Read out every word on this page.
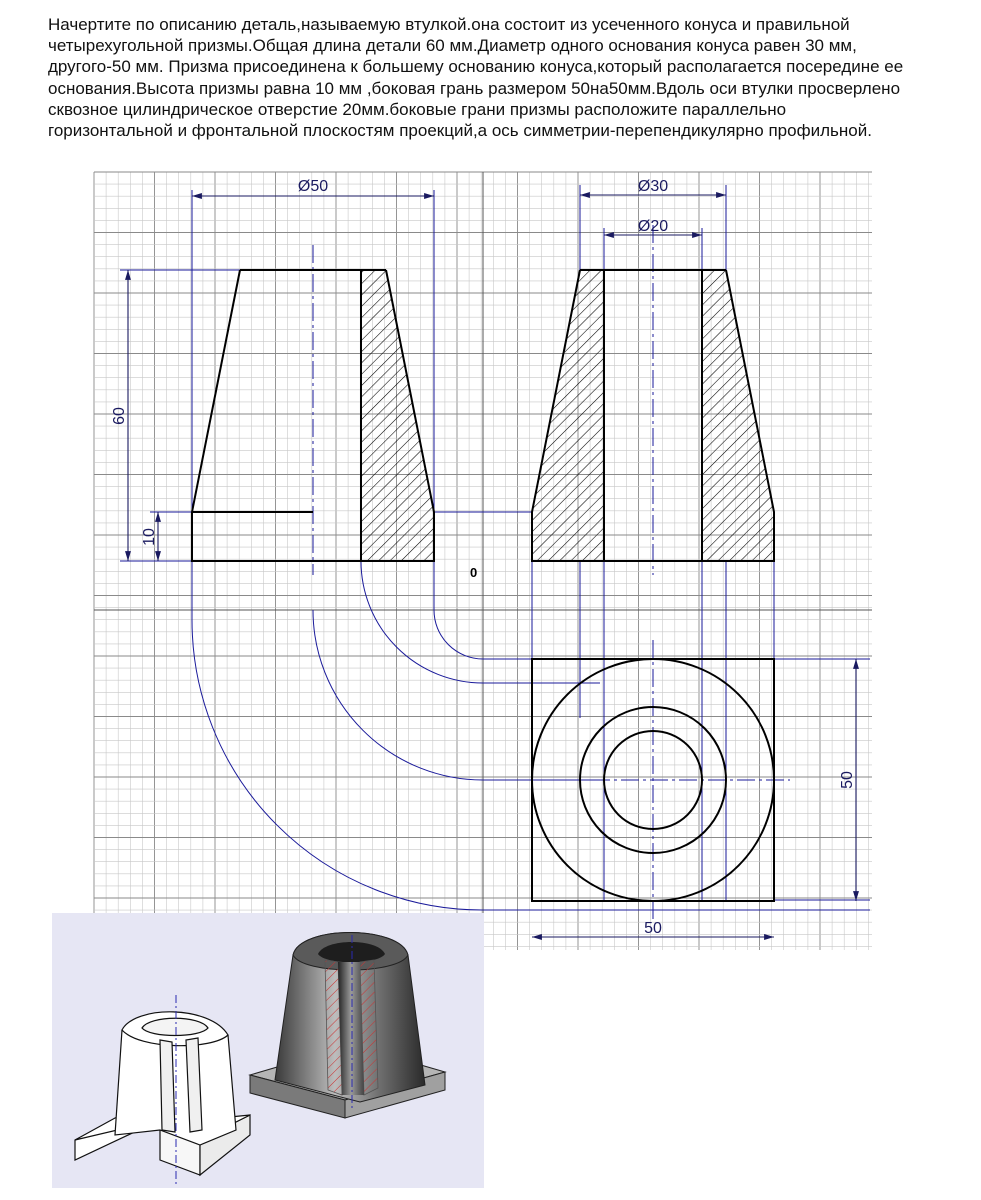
Начертите по описанию деталь,называемую втулкой.она состоит из усеченного конуса и правильной
четырехугольной призмы.Общая длина детали 60 мм.Диаметр одного основания конуса равен 30 мм,
другого-50 мм. Призма присоединена к большему основанию конуса,который располагается посередине ее
основания.Высота призмы равна 10 мм ,боковая грань размером 50на50мм.Вдоль оси втулки просверлено
сквозное цилиндрическое отверстие 20мм.боковые грани призмы расположите параллельно
горизонтальной и фронтальной плоскостям проекций,а ось симметрии-перепендикулярно профильной.
Ø50	Ø30
Ø20
60
10
50
50
0
